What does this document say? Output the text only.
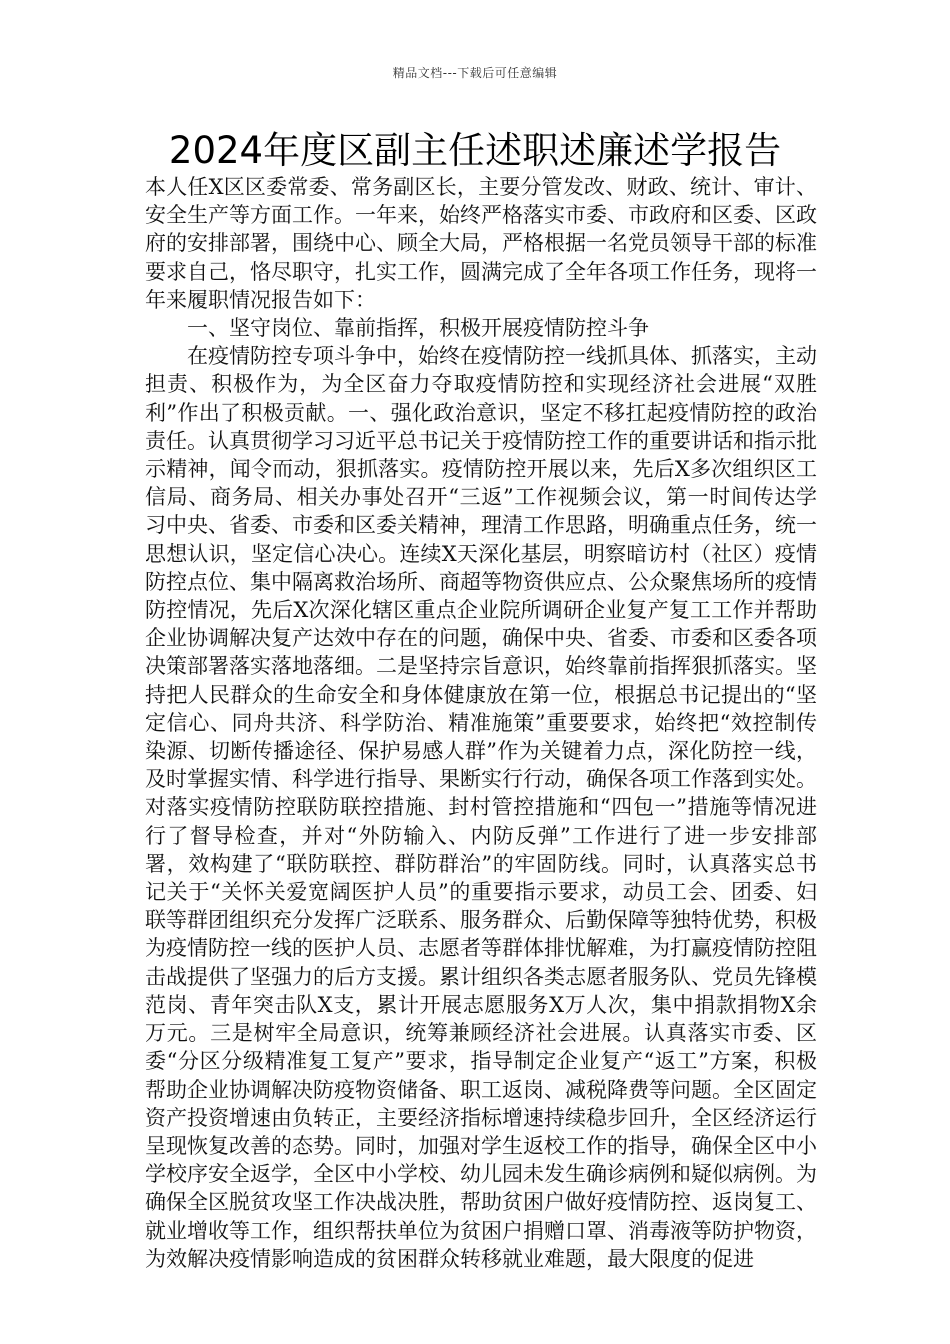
精品文档---下载后可任意编辑
2024年度区副主任述职述廉述学报告

本人任X区区委常委、常务副区长，主要分管发改、财政、统计、审计、安全生产等方面工作。一年来，始终严格落实市委、市政府和区委、区政府的安排部署，围绕中心、顾全大局，严格根据一名党员领导干部的标准要求自己，恪尽职守，扎实工作，圆满完成了全年各项工作任务，现将一年来履职情况报告如下：

一、坚守岗位、靠前指挥，积极开展疫情防控斗争

在疫情防控专项斗争中，始终在疫情防控一线抓具体、抓落实，主动担责、积极作为，为全区奋力夺取疫情防控和实现经济社会进展“双胜利”作出了积极贡献。一、强化政治意识，坚定不移扛起疫情防控的政治责任。认真贯彻学习习近平总书记关于疫情防控工作的重要讲话和指示批示精神，闻令而动，狠抓落实。疫情防控开展以来，先后X多次组织区工信局、商务局、相关办事处召开“三返”工作视频会议，第一时间传达学习中央、省委、市委和区委关精神，理清工作思路，明确重点任务，统一思想认识，坚定信心决心。连续X天深化基层，明察暗访村（社区）疫情防控点位、集中隔离救治场所、商超等物资供应点、公众聚焦场所的疫情防控情况，先后X次深化辖区重点企业院所调研企业复产复工工作并帮助企业协调解决复产达效中存在的问题，确保中央、省委、市委和区委各项决策部署落实落地落细。二是坚持宗旨意识，始终靠前指挥狠抓落实。坚持把人民群众的生命安全和身体健康放在第一位，根据总书记提出的“坚定信心、同舟共济、科学防治、精准施策”重要要求，始终把“效控制传染源、切断传播途径、保护易感人群”作为关键着力点，深化防控一线，及时掌握实情、科学进行指导、果断实行行动，确保各项工作落到实处。对落实疫情防控联防联控措施、封村管控措施和“四包一”措施等情况进行了督导检查，并对“外防输入、内防反弹”工作进行了进一步安排部署，效构建了“联防联控、群防群治”的牢固防线。同时，认真落实总书记关于“关怀关爱宽阔医护人员”的重要指示要求，动员工会、团委、妇联等群团组织充分发挥广泛联系、服务群众、后勤保障等独特优势，积极为疫情防控一线的医护人员、志愿者等群体排忧解难，为打赢疫情防控阻击战提供了坚强力的后方支援。累计组织各类志愿者服务队、党员先锋模范岗、青年突击队X支，累计开展志愿服务X万人次，集中捐款捐物X余万元。三是树牢全局意识，统筹兼顾经济社会进展。认真落实市委、区委“分区分级精准复工复产”要求，指导制定企业复产“返工”方案，积极帮助企业协调解决防疫物资储备、职工返岗、减税降费等问题。全区固定资产投资增速由负转正，主要经济指标增速持续稳步回升，全区经济运行呈现恢复改善的态势。同时，加强对学生返校工作的指导，确保全区中小学校序安全返学，全区中小学校、幼儿园未发生确诊病例和疑似病例。为确保全区脱贫攻坚工作决战决胜，帮助贫困户做好疫情防控、返岗复工、就业增收等工作，组织帮扶单位为贫困户捐赠口罩、消毒液等防护物资，为效解决疫情影响造成的贫困群众转移就业难题，最大限度的促进
